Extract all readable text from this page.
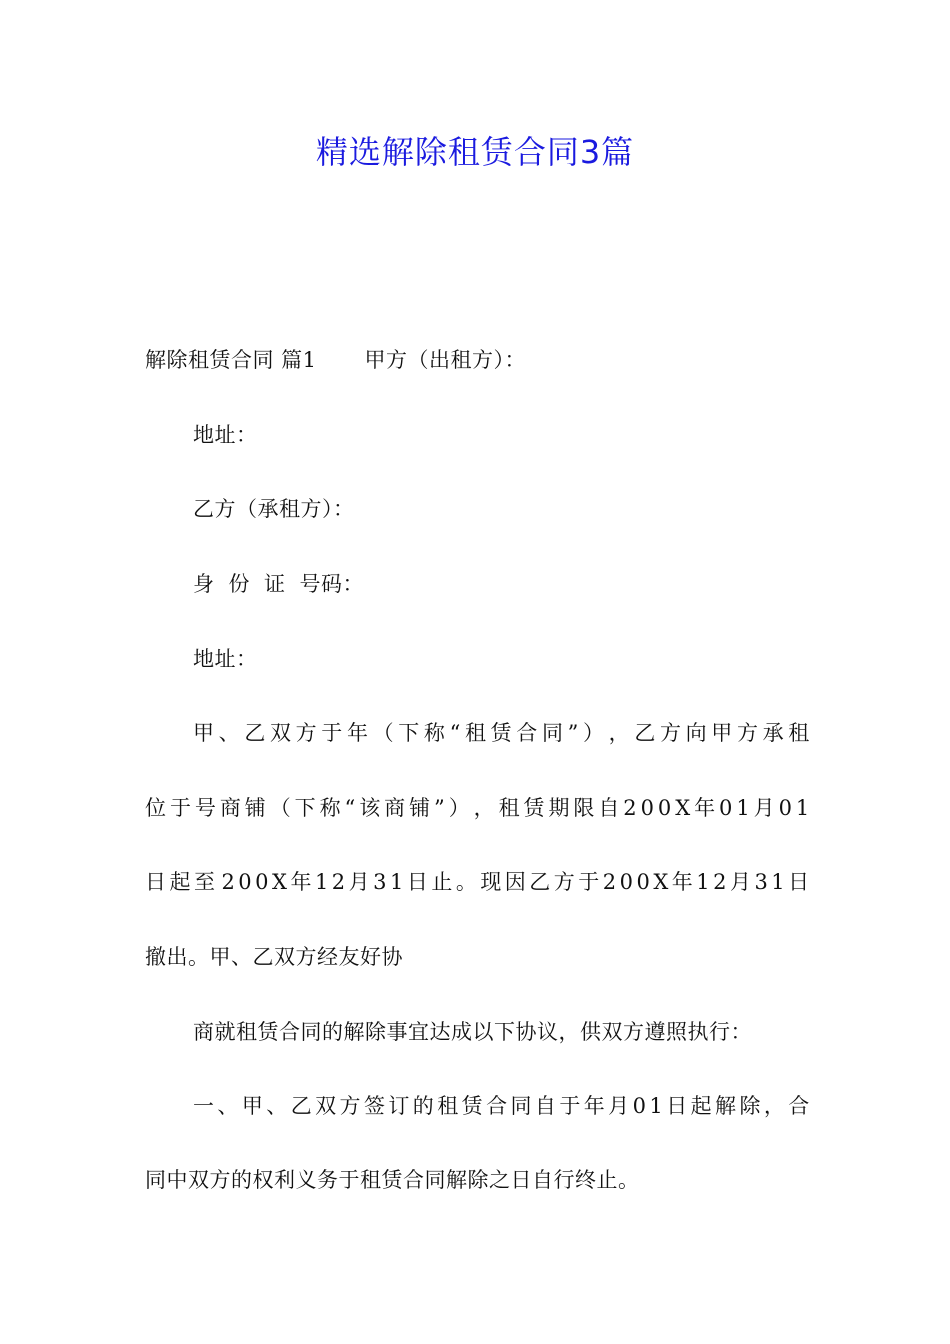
精选解除租赁合同3篇
解除租赁合同 篇1 甲方（出租方）：
地址：
乙方（承租方）：
身 份 证 号码：
地址：
甲 、 乙 双 方 于 年 （ 下 称 “ 租 赁 合 同 ” ） ， 乙 方 向 甲 方 承 租
位 于 号 商 铺 （ 下 称 “ 该 商 铺 ” ） ， 租 赁 期 限 自 2 0 0 X 年 0 1 月 0 1
日 起 至 2 0 0 X 年 1 2 月 3 1 日 止 。 现 因 乙 方 于 2 0 0 X 年 1 2 月 3 1 日
撤出。甲、乙双方经友好协
商就租赁合同的解除事宜达成以下协议，供双方遵照执行：
一 、 甲 、 乙 双 方 签 订 的 租 赁 合 同 自 于 年 月 0 1 日 起 解 除 ， 合
同中双方的权利义务于租赁合同解除之日自行终止。
